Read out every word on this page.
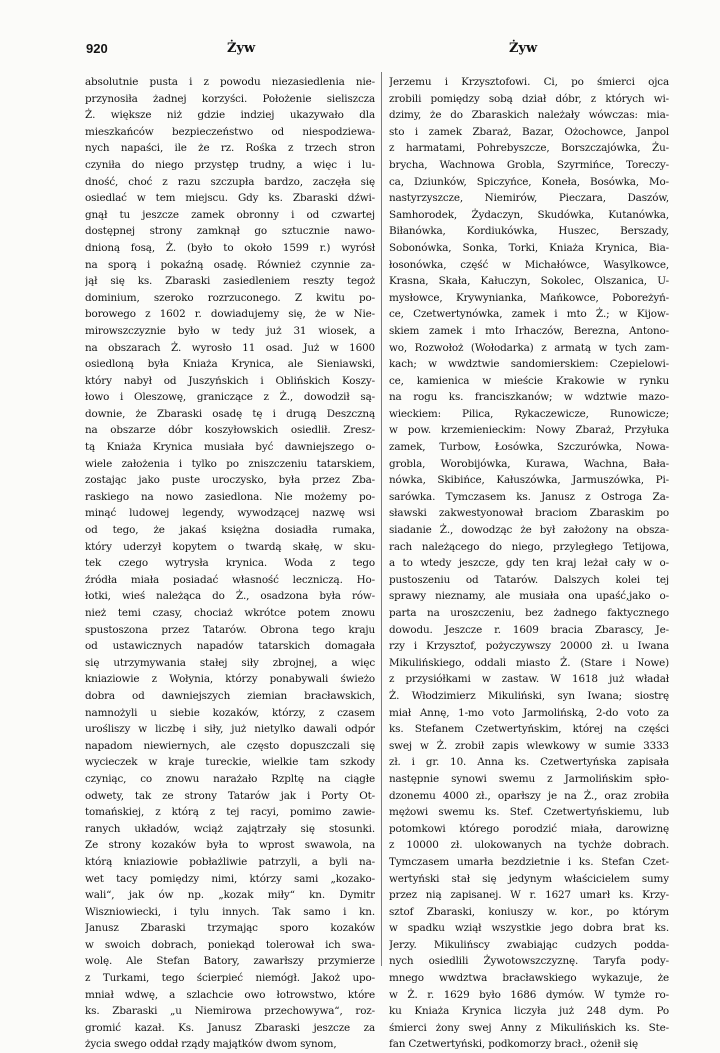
920	Żyw	Żyw
absolutnie pusta i z powodu niezasiedlenia nie-
przynosiła żadnej korzyści. Położenie sieliszcza
Ż. większe niż gdzie indziej ukazywało dla
mieszkańców bezpieczeństwo od niespodziewa-
nych napaści, ile że rz. Rośka z trzech stron
czyniła do niego przystęp trudny, a więc i lu-
dność, choć z razu szczupła bardzo, zaczęła się
osiedlać w tem miejscu. Gdy ks. Zbaraski dźwi-
gnął tu jeszcze zamek obronny i od czwartej
dostępnej strony zamknął go sztucznie nawo-
dnioną fosą, Ż. (było to około 1599 r.) wyrósł
na sporą i pokaźną osadę. Również czynnie za-
jął się ks. Zbaraski zasiedleniem reszty tegoż
dominium, szeroko rozrzuconego. Z kwitu po-
borowego z 1602 r. dowiadujemy się, że w Nie-
mirowszczyznie było w tedy już 31 wiosek, a
na obszarach Ż. wyrosło 11 osad. Już w 1600
osiedloną była Kniaża Krynica, ale Sieniawski,
który nabył od Juszyńskich i Oblińskich Koszy-
łowo i Oleszowę, graniczące z Ż., dowodził są-
downie, że Zbaraski osadę tę i drugą Deszczną
na obszarze dóbr koszyłowskich osiedlił. Zresz-
tą Kniaża Krynica musiała być dawniejszego o-
wiele założenia i tylko po zniszczeniu tatarskiem,
zostając jako puste uroczysko, była przez Zba-
raskiego na nowo zasiedlona. Nie możemy po-
minąć ludowej legendy, wywodzącej nazwę wsi
od tego, że jakaś księżna dosiadła rumaka,
który uderzył kopytem o twardą skałę, w sku-
tek czego wytrysła krynica. Woda z tego
źródła miała posiadać własność leczniczą. Ho-
łotki, wieś należąca do Ż., osadzona była rów-
nież temi czasy, chociaż wkrótce potem znowu
spustoszona przez Tatarów. Obrona tego kraju
od ustawicznych napadów tatarskich domagała
się utrzymywania stałej siły zbrojnej, a więc
kniaziowie z Wołynia, którzy ponabywali świeżo
dobra od dawniejszych ziemian bracławskich,
namnożyli u siebie kozaków, którzy, z czasem
urośliszy w liczbę i siły, już nietylko dawali odpór
napadom niewiernych, ale często dopuszczali się
wycieczek w kraje tureckie, wielkie tam szkody
czyniąc, co znowu narażało Rzpltę na ciągłe
odwety, tak ze strony Tatarów jak i Porty Ot-
tomańskiej, z którą z tej racyi, pomimo zawie-
ranych układów, wciąż zajątrzały się stosunki.
Ze strony kozaków była to wprost swawola, na
którą kniaziowie pobłażliwie patrzyli, a byli na-
wet tacy pomiędzy nimi, którzy sami „kozako-
wali“, jak ów np. „kozak miły“ kn. Dymitr
Wiszniowiecki, i tylu innych. Tak samo i kn.
Janusz Zbaraski trzymając sporo kozaków
w swoich dobrach, poniekąd tolerował ich swa-
wolę. Ale Stefan Batory, zawarłszy przymierze
z Turkami, tego ścierpieć niemógł. Jakoż upo-
mniał wdwę, a szlachcie owo łotrowstwo, które
ks. Zbaraski „u Niemirowa przechowywa“, roz-
gromić kazał. Ks. Janusz Zbaraski jeszcze za
życia swego oddał rządy majątków dwom synom,
Jerzemu i Krzysztofowi. Ci, po śmierci ojca
zrobili pomiędzy sobą dział dóbr, z których wi-
dzimy, że do Zbaraskich należały wówczas: mia-
sto i zamek Zbaraż, Bazar, Ożochowce, Janpol
z harmatami, Pohrebyszcze, Borszczajówka, Żu-
brycha, Wachnowa Grobla, Szyrmińce, Toreczy-
ca, Dziunków, Spiczyńce, Koneła, Bosówka, Mo-
nastyrzyszcze, Niemirów, Pieczara, Daszów,
Samhorodek, Żydaczyn, Skudówka, Kutanówka,
Biłanówka, Kordiukówka, Huszec, Berszady,
Sobonówka, Sonka, Torki, Kniaża Krynica, Bia-
łosonówka, część w Michałówce, Wasylkowce,
Krasna, Skała, Kałuczyn, Sokolec, Olszanica, U-
mysłowce, Krywynianka, Mańkowce, Poboreżyń-
ce, Czetwertynówka, zamek i mto Ż.; w Kijow-
skiem zamek i mto Irhaczów, Berezna, Antono-
wo, Rozwołoż (Wołodarka) z armatą w tych zam-
kach; w wwdztwie sandomierskiem: Czepielowi-
ce, kamienica w mieście Krakowie w rynku
na rogu ks. franciszkanów; w wdztwie mazo-
wieckiem: Pilica, Rykaczewicze, Runowicze;
w pow. krzemienieckim: Nowy Zbaraż, Przyłuka
zamek, Turbow, Łosówka, Szczurówka, Nowa-
grobla, Worobijówka, Kurawa, Wachna, Bała-
nówka, Skibińce, Kałuszówka, Jarmuszówka, Pi-
sarówka. Tymczasem ks. Janusz z Ostroga Za-
sławski zakwestyonował braciom Zbaraskim po
siadanie Ż., dowodząc że był założony na obsza-
rach należącego do niego, przyległego Tetijowa,
a to wtedy jeszcze, gdy ten kraj leżał cały w o-
pustoszeniu od Tatarów. Dalszych kolei tej
sprawy nieznamy, ale musiała ona upaść,jako o-
parta na uroszczeniu, bez żadnego faktycznego
dowodu. Jeszcze r. 1609 bracia Zbarascy, Je-
rzy i Krzysztof, pożyczywszy 20000 zł. u Iwana
Mikulińskiego, oddali miasto Ż. (Stare i Nowe)
z przysiółkami w zastaw. W 1618 już władał
Ż. Włodzimierz Mikuliński, syn Iwana; siostrę
miał Annę, 1-mo voto Jarmolińską, 2-do voto za
ks. Stefanem Czetwertyńskim, której na części
swej w Ż. zrobił zapis wlewkowy w sumie 3333
zł. i gr. 10. Anna ks. Czetwertyńska zapisała
następnie synowi swemu z Jarmolińskim spło-
dzonemu 4000 zł., oparłszy je na Ż., oraz zrobiła
mężowi swemu ks. Stef. Czetwertyńskiemu, lub
potomkowi którego porodzić miała, darowiznę
z 10000 zł. ulokowanych na tychże dobrach.
Tymczasem umarła bezdzietnie i ks. Stefan Czet-
wertyński stał się jedynym właścicielem sumy
przez nią zapisanej. W r. 1627 umarł ks. Krzy-
sztof Zbaraski, koniuszy w. kor., po którym
w spadku wziął wszystkie jego dobra brat ks.
Jerzy. Mikulińscy zwabiając cudzych podda-
nych osiedlili Żywotowszczyznę. Taryfa pody-
mnego wwdztwa bracławskiego wykazuje, że
w Ż. r. 1629 było 1686 dymów. W tymże ro-
ku Kniaża Krynica liczyła już 248 dym. Po
śmierci żony swej Anny z Mikulińskich ks. Ste-
fan Czetwertyński, podkomorzy bracł., ożenił się
